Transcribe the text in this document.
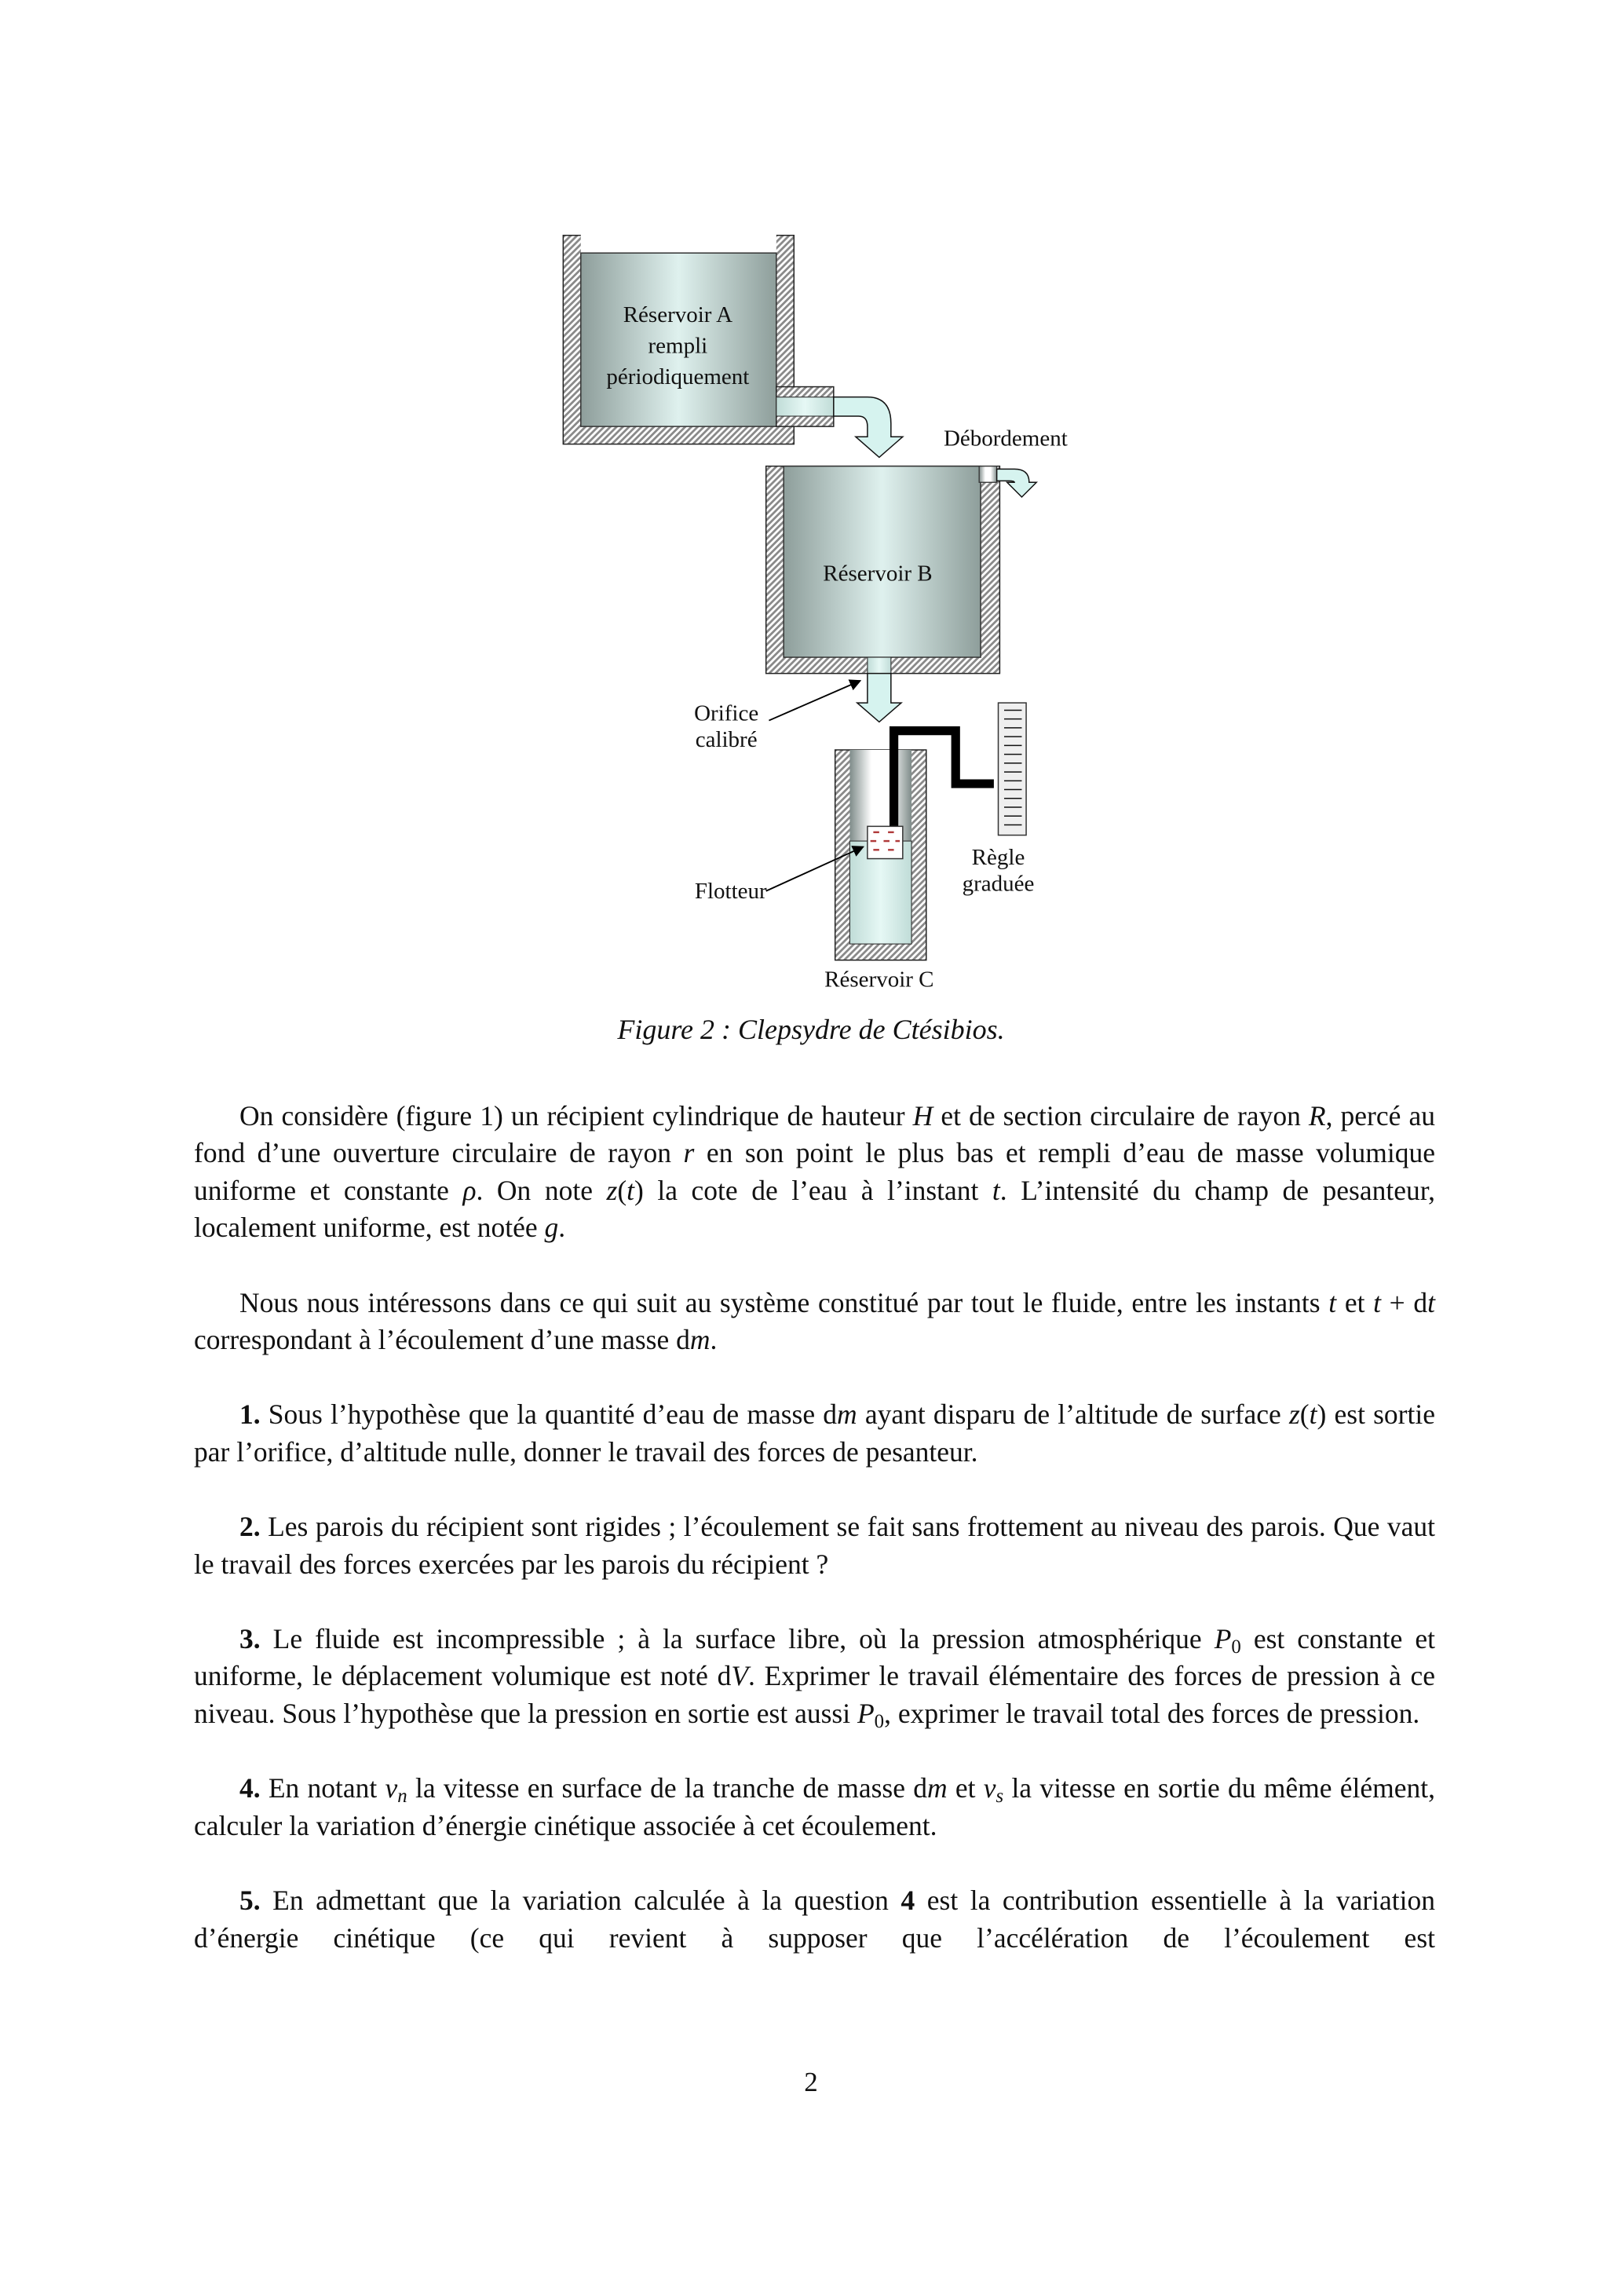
Réservoir A
rempli
périodiquement
Débordement
Réservoir B
Orifice
calibré
Réservoir C
Règle
graduée
Flotteur
Figure 2 : Clepsydre de Ctésibios.

On considère (figure 1) un récipient cylindrique de hauteur H et de section circulaire de rayon R, percé au fond d’une ouverture circulaire de rayon r en son point le plus bas et rempli d’eau de masse volumique uniforme et constante ρ. On note z(t) la cote de l’eau à l’instant t. L’intensité du champ de pesanteur, localement uniforme, est notée g.

Nous nous intéressons dans ce qui suit au système constitué par tout le fluide, entre les instants t et t + dt correspondant à l’écoulement d’une masse dm.

1. Sous l’hypothèse que la quantité d’eau de masse dm ayant disparu de l’altitude de surface z(t) est sortie par l’orifice, d’altitude nulle, donner le travail des forces de pesanteur.

2. Les parois du récipient sont rigides ; l’écoulement se fait sans frottement au niveau des parois. Que vaut le travail des forces exercées par les parois du récipient ?

3. Le fluide est incompressible ; à la surface libre, où la pression atmosphérique $P_0$ est constante et uniforme, le déplacement volumique est noté dV. Exprimer le travail élémentaire des forces de pression à ce niveau. Sous l’hypothèse que la pression en sortie est aussi $P_0$, exprimer le travail total des forces de pression.

4. En notant $v_n$ la vitesse en surface de la tranche de masse dm et $v_s$ la vitesse en sortie du même élément, calculer la variation d’énergie cinétique associée à cet écoulement.

5. En admettant que la variation calculée à la question 4 est la contribution essentielle à la variation d’énergie cinétique (ce qui revient à supposer que l’accélération de l’écoulement est

2
